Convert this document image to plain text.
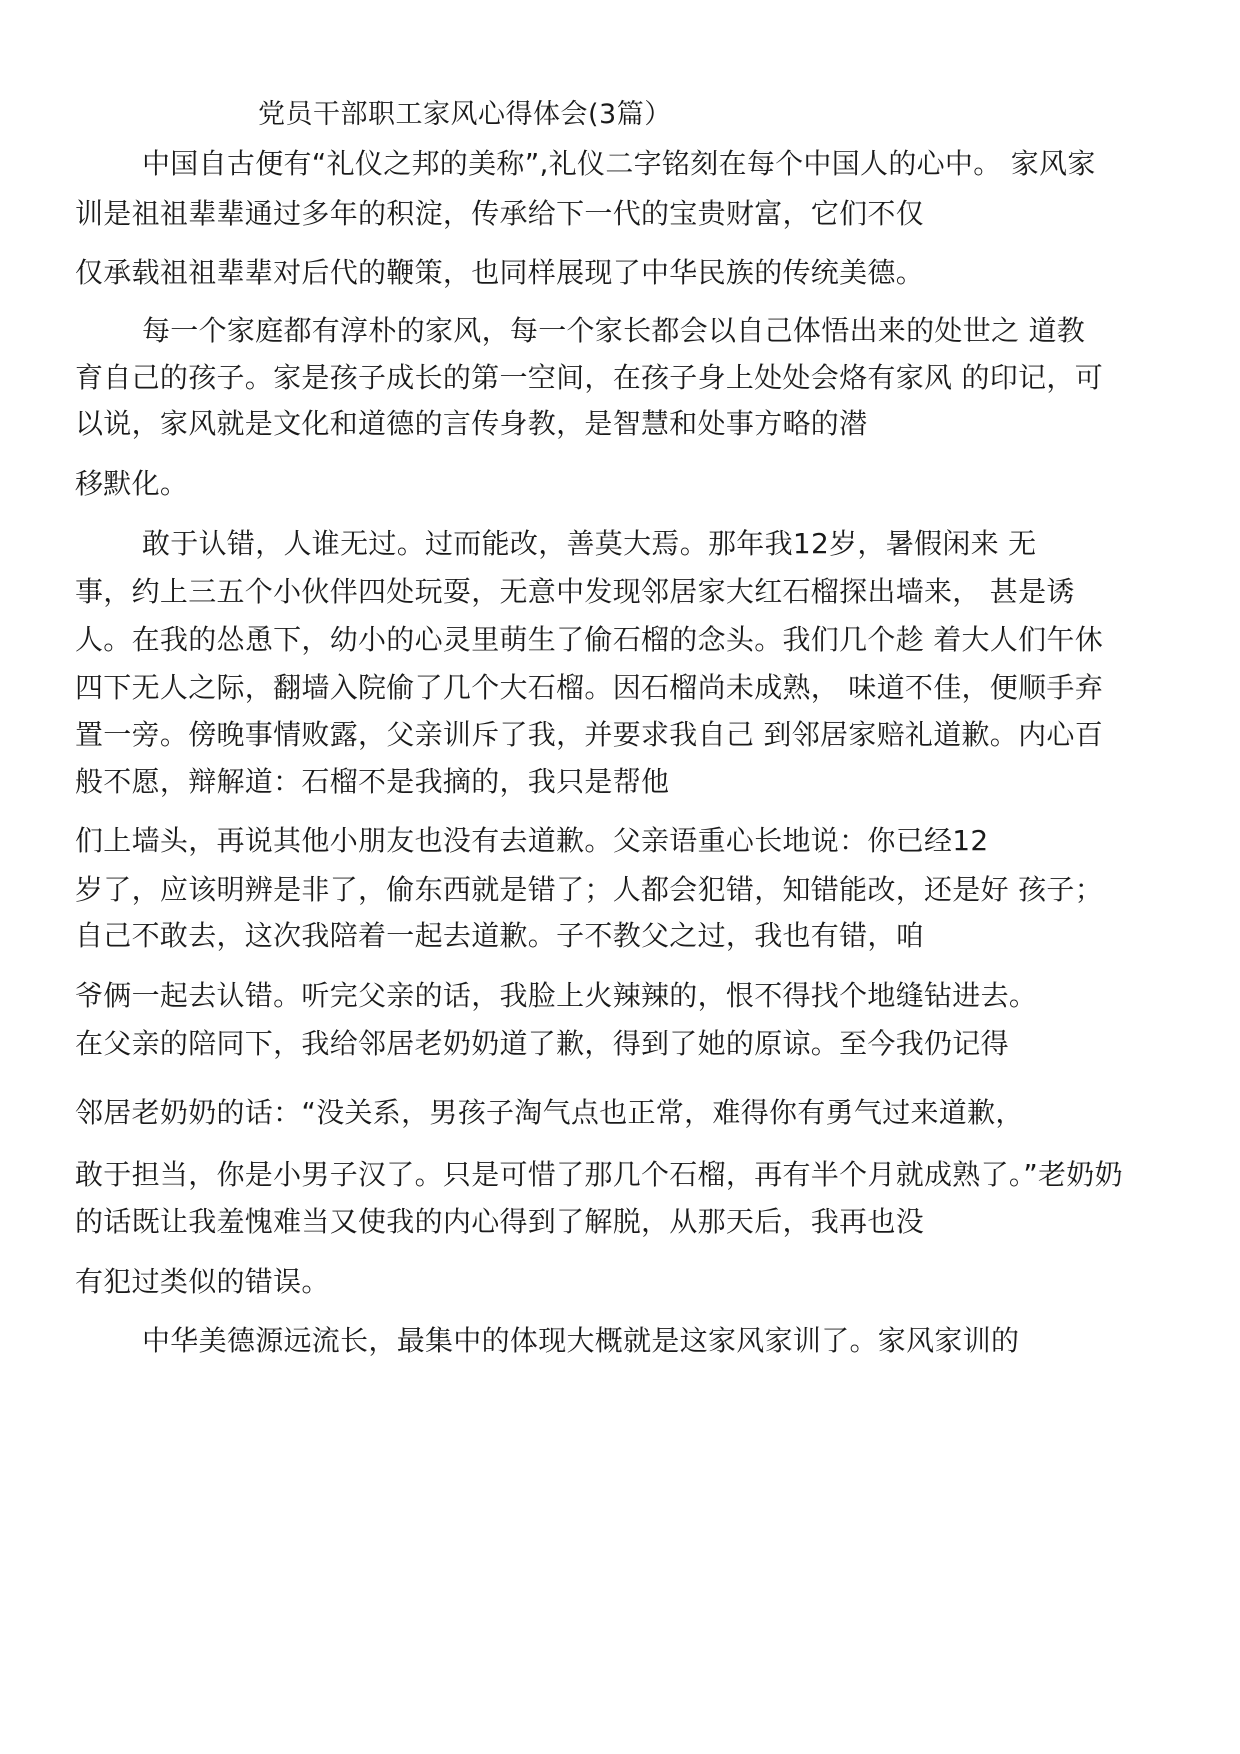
党员干部职工家风心得体会(3篇）
中国自古便有“礼仪之邦的美称”,礼仪二字铭刻在每个中国人的心中。 家风家
训是祖祖辈辈通过多年的积淀，传承给下一代的宝贵财富，它们不仅
仅承载祖祖辈辈对后代的鞭策，也同样展现了中华民族的传统美德。
每一个家庭都有淳朴的家风，每一个家长都会以自己体悟出来的处世之 道教
育自己的孩子。家是孩子成长的第一空间，在孩子身上处处会烙有家风 的印记，可
以说，家风就是文化和道德的言传身教，是智慧和处事方略的潜
移默化。
敢于认错，人谁无过。过而能改，善莫大焉。那年我12岁，暑假闲来 无
事，约上三五个小伙伴四处玩耍，无意中发现邻居家大红石榴探出墙来， 甚是诱
人。在我的怂恿下，幼小的心灵里萌生了偷石榴的念头。我们几个趁 着大人们午休
四下无人之际，翻墙入院偷了几个大石榴。因石榴尚未成熟， 味道不佳，便顺手弃
置一旁。傍晚事情败露，父亲训斥了我，并要求我自己 到邻居家赔礼道歉。内心百
般不愿，辩解道：石榴不是我摘的，我只是帮他
们上墙头，再说其他小朋友也没有去道歉。父亲语重心长地说：你已经12
岁了，应该明辨是非了，偷东西就是错了；人都会犯错，知错能改，还是好 孩子；
自己不敢去，这次我陪着一起去道歉。子不教父之过，我也有错，咱
爷俩一起去认错。听完父亲的话，我脸上火辣辣的，恨不得找个地缝钻进去。
在父亲的陪同下，我给邻居老奶奶道了歉，得到了她的原谅。至今我仍记得
邻居老奶奶的话：“没关系，男孩子淘气点也正常，难得你有勇气过来道歉，
敢于担当，你是小男子汉了。只是可惜了那几个石榴，再有半个月就成熟了。”老奶奶
的话既让我羞愧难当又使我的内心得到了解脱，从那天后，我再也没
有犯过类似的错误。
中华美德源远流长，最集中的体现大概就是这家风家训了。家风家训的
